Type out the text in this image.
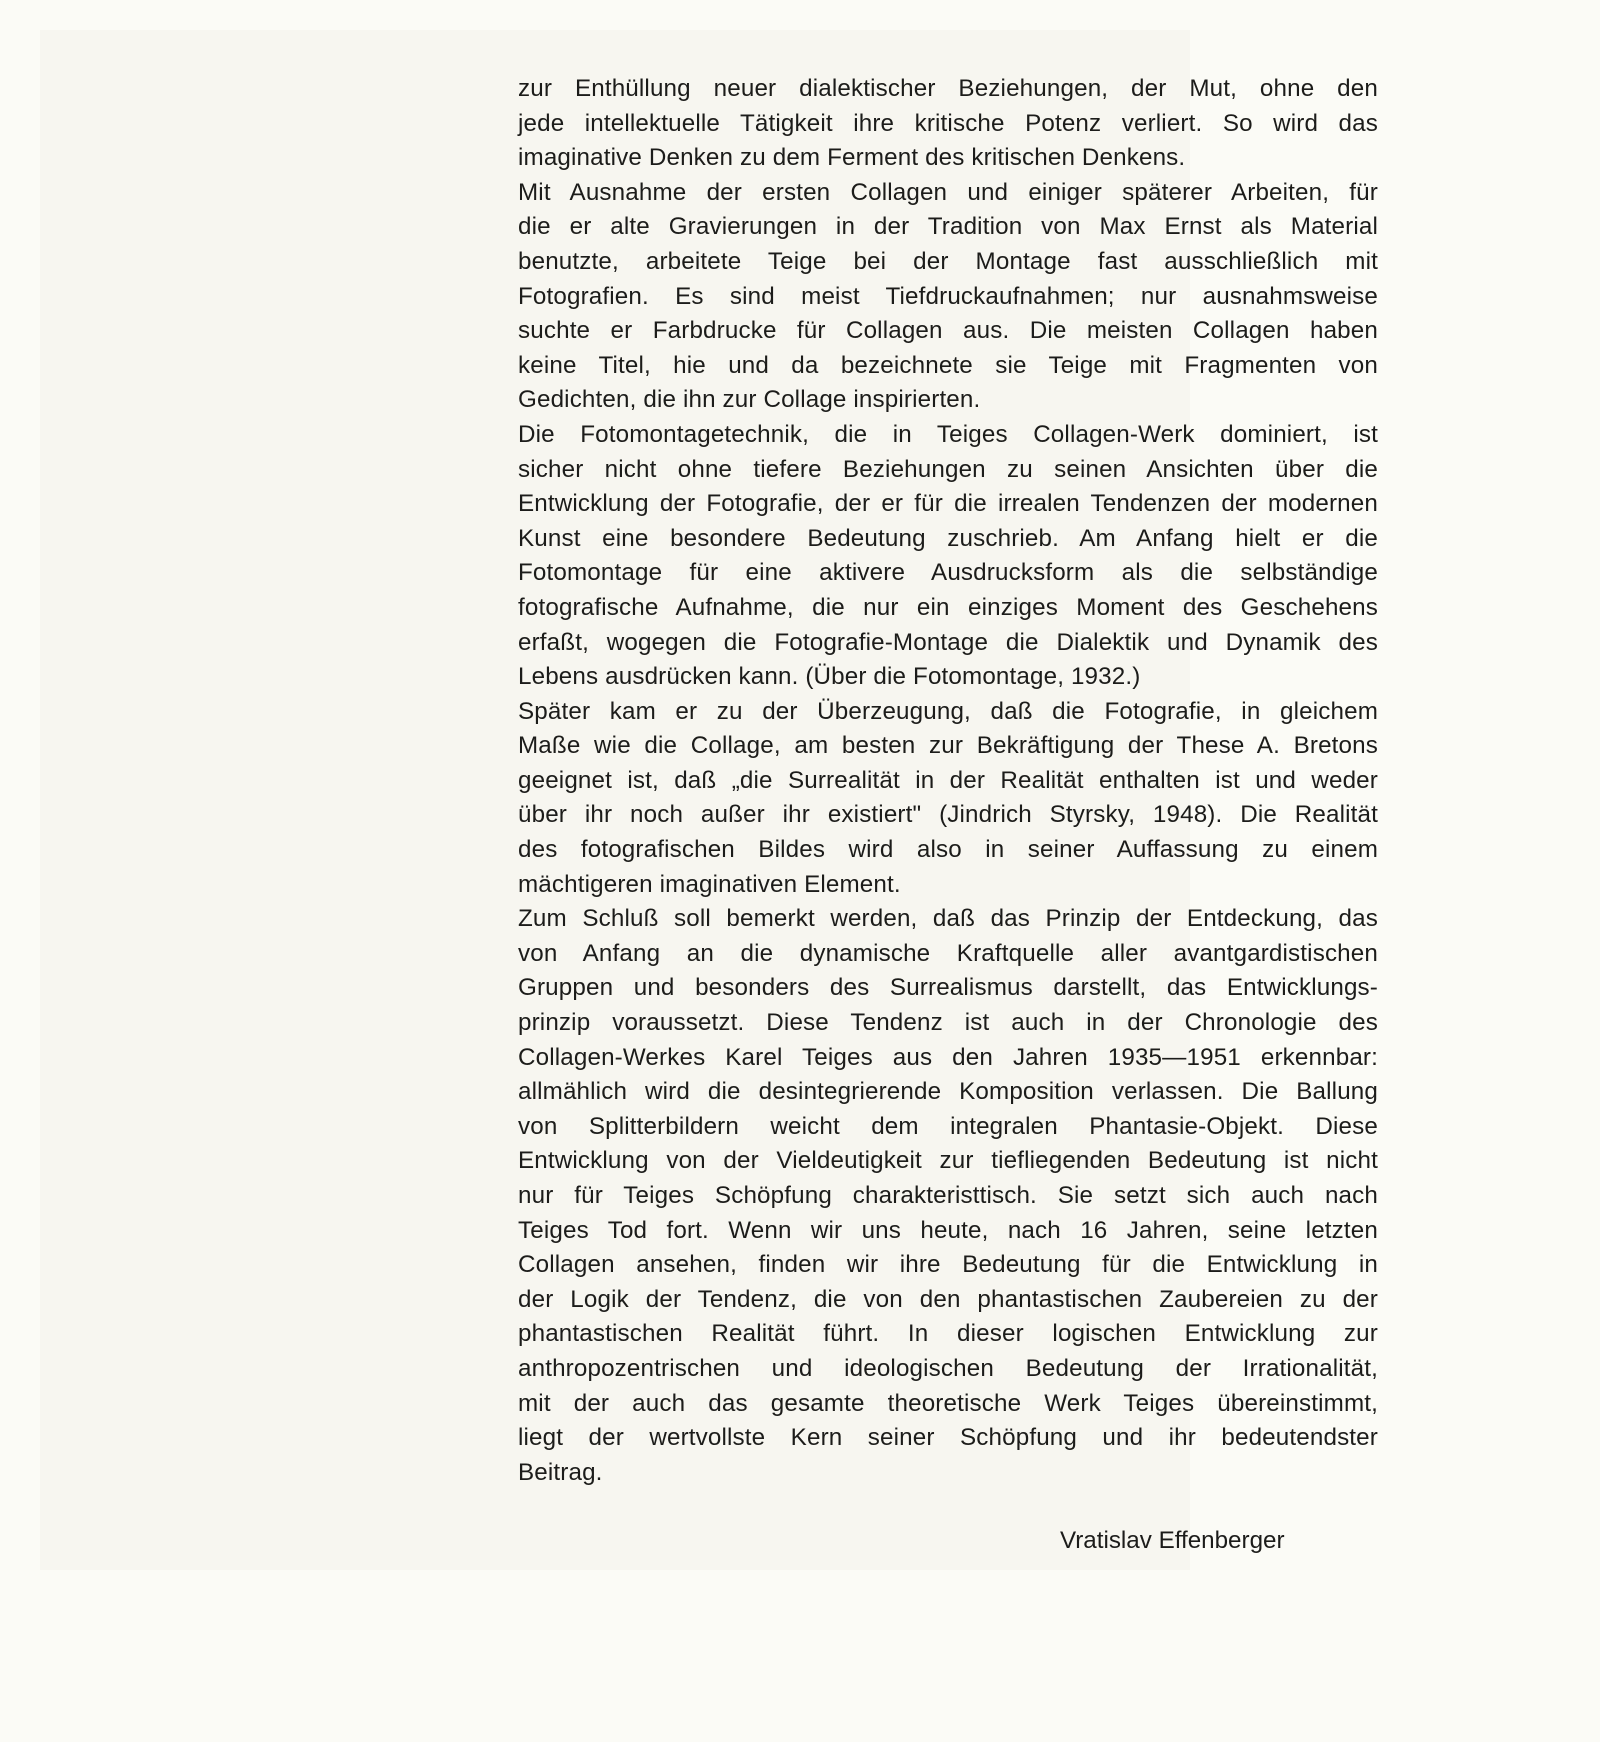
zur Enthüllung neuer dialektischer Beziehungen, der Mut, ohne den
jede intellektuelle Tätigkeit ihre kritische Potenz verliert. So wird das
imaginative Denken zu dem Ferment des kritischen Denkens.
Mit Ausnahme der ersten Collagen und einiger späterer Arbeiten, für
die er alte Gravierungen in der Tradition von Max Ernst als Material
benutzte, arbeitete Teige bei der Montage fast ausschließlich mit
Fotografien. Es sind meist Tiefdruckaufnahmen; nur ausnahmsweise
suchte er Farbdrucke für Collagen aus. Die meisten Collagen haben
keine Titel, hie und da bezeichnete sie Teige mit Fragmenten von
Gedichten, die ihn zur Collage inspirierten.
Die Fotomontagetechnik, die in Teiges Collagen-Werk dominiert, ist
sicher nicht ohne tiefere Beziehungen zu seinen Ansichten über die
Entwicklung der Fotografie, der er für die irrealen Tendenzen der modernen
Kunst eine besondere Bedeutung zuschrieb. Am Anfang hielt er die
Fotomontage für eine aktivere Ausdrucksform als die selbständige
fotografische Aufnahme, die nur ein einziges Moment des Geschehens
erfaßt, wogegen die Fotografie-Montage die Dialektik und Dynamik des
Lebens ausdrücken kann. (Über die Fotomontage, 1932.)
Später kam er zu der Überzeugung, daß die Fotografie, in gleichem
Maße wie die Collage, am besten zur Bekräftigung der These A. Bretons
geeignet ist, daß „die Surrealität in der Realität enthalten ist und weder
über ihr noch außer ihr existiert" (Jindrich Styrsky, 1948). Die Realität
des fotografischen Bildes wird also in seiner Auffassung zu einem
mächtigeren imaginativen Element.
Zum Schluß soll bemerkt werden, daß das Prinzip der Entdeckung, das
von Anfang an die dynamische Kraftquelle aller avantgardistischen
Gruppen und besonders des Surrealismus darstellt, das Entwicklungs-
prinzip voraussetzt. Diese Tendenz ist auch in der Chronologie des
Collagen-Werkes Karel Teiges aus den Jahren 1935—1951 erkennbar:
allmählich wird die desintegrierende Komposition verlassen. Die Ballung
von Splitterbildern weicht dem integralen Phantasie-Objekt. Diese
Entwicklung von der Vieldeutigkeit zur tiefliegenden Bedeutung ist nicht
nur für Teiges Schöpfung charakteristtisch. Sie setzt sich auch nach
Teiges Tod fort. Wenn wir uns heute, nach 16 Jahren, seine letzten
Collagen ansehen, finden wir ihre Bedeutung für die Entwicklung in
der Logik der Tendenz, die von den phantastischen Zaubereien zu der
phantastischen Realität führt. In dieser logischen Entwicklung zur
anthropozentrischen und ideologischen Bedeutung der Irrationalität,
mit der auch das gesamte theoretische Werk Teiges übereinstimmt,
liegt der wertvollste Kern seiner Schöpfung und ihr bedeutendster
Beitrag.
Vratislav Effenberger
